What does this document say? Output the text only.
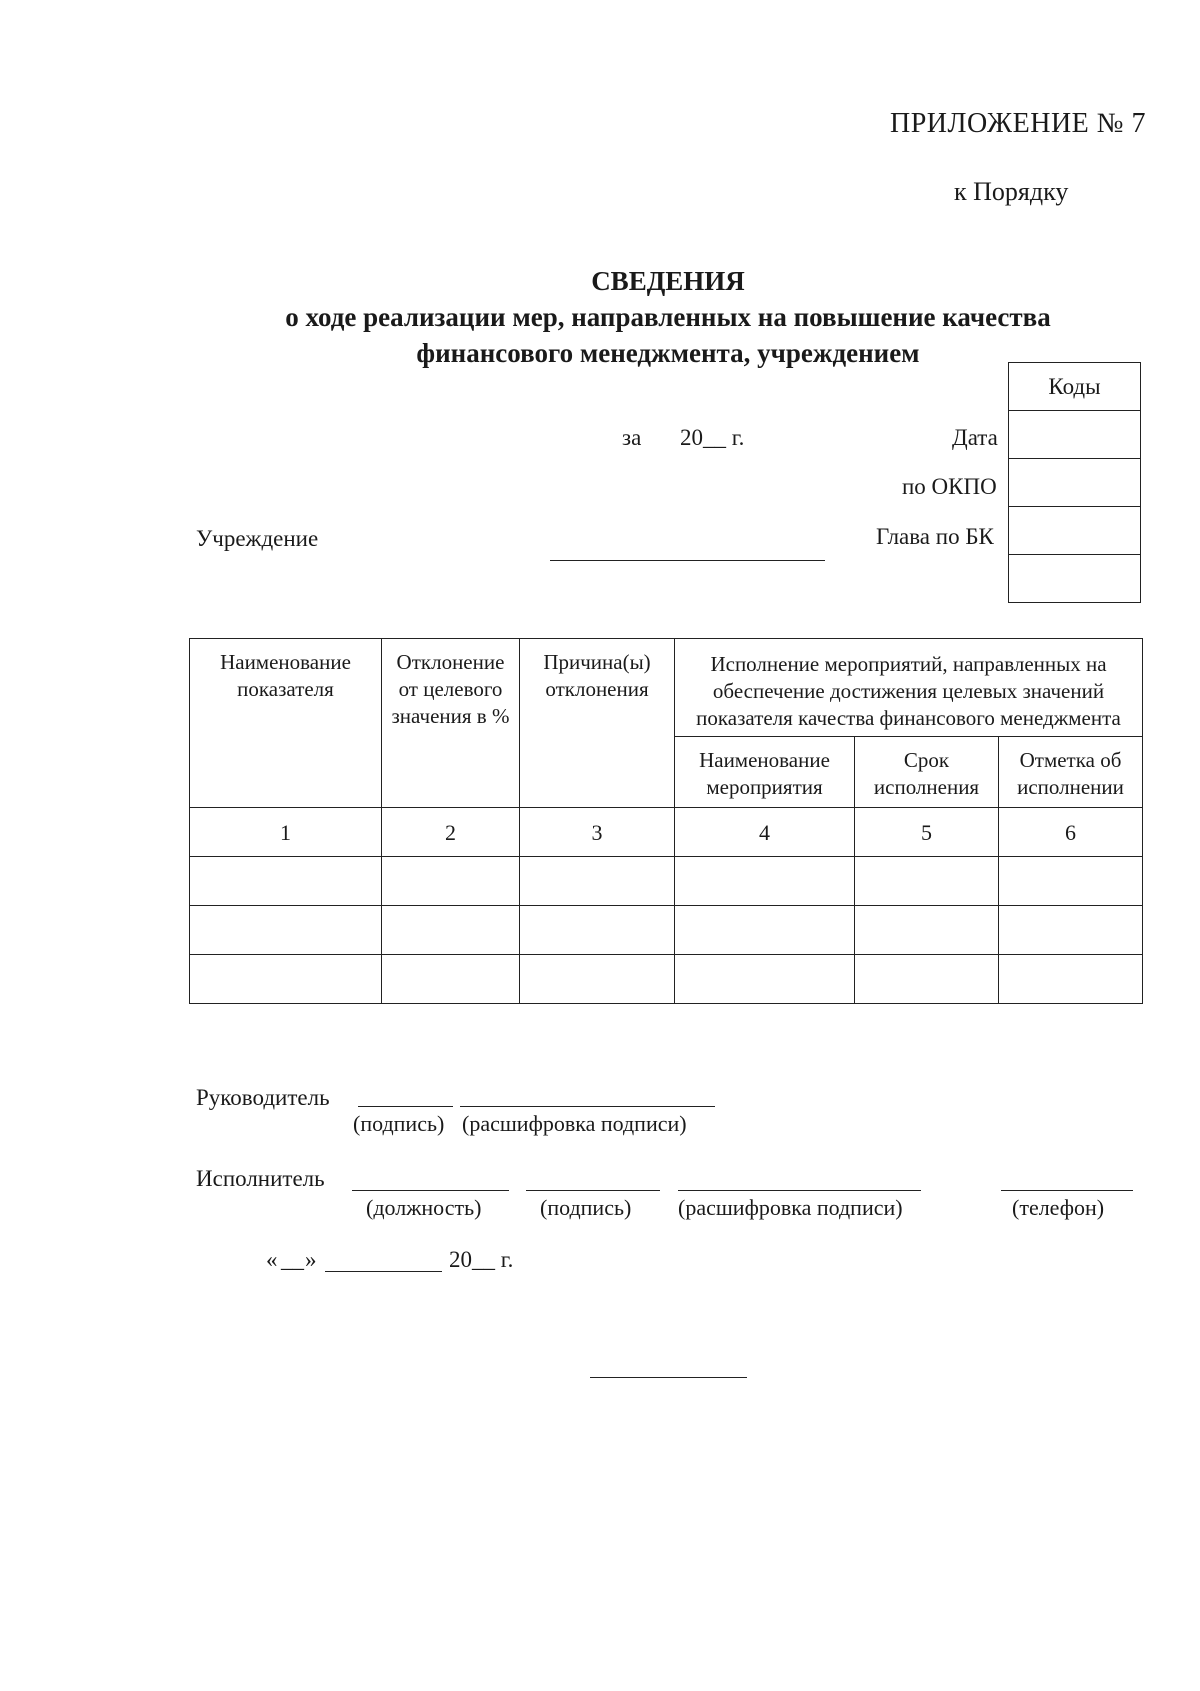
ПРИЛОЖЕНИЕ № 7
к Порядку
СВЕДЕНИЯ
о ходе реализации мер, направленных на повышение качества
финансового менеджмента, учреждением
Коды

за 20__ г.	Дата
по ОКПО
Глава по БК
Учреждение
Наименование показателя	Отклонение от целевого значения в %	Причина(ы) отклонения	Исполнение мероприятий, направленных на обеспечение достижения целевых значений показателя качества финансового менеджмента		
			Наименование мероприятия	Срок исполнения	Отметка об исполнении
1	2	3	4	5	6

Руководитель
(подпись) (расшифровка подписи)
Исполнитель
(должность)	(подпись) (расшифровка подписи)	(телефон)
« __ »	20__ г.
